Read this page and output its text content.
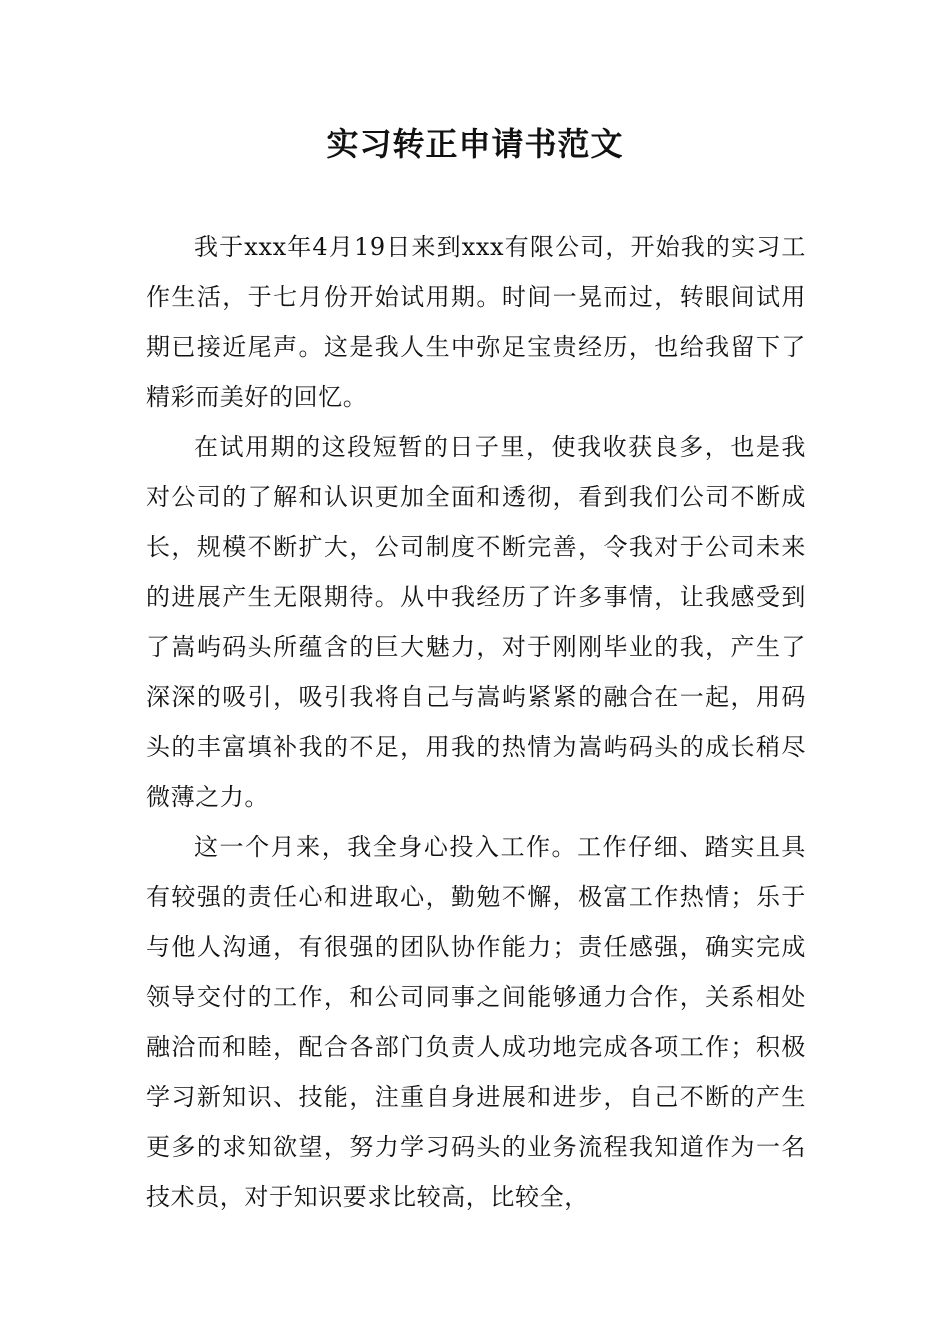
实习转正申请书范文

我于xxx年4月19日来到xxx有限公司，开始我的实习工作生活，于七月份开始试用期。时间一晃而过，转眼间试用期已接近尾声。这是我人生中弥足宝贵经历，也给我留下了精彩而美好的回忆。

在试用期的这段短暂的日子里，使我收获良多，也是我对公司的了解和认识更加全面和透彻，看到我们公司不断成长，规模不断扩大，公司制度不断完善，令我对于公司未来的进展产生无限期待。从中我经历了许多事情，让我感受到了嵩屿码头所蕴含的巨大魅力，对于刚刚毕业的我，产生了深深的吸引，吸引我将自己与嵩屿紧紧的融合在一起，用码头的丰富填补我的不足，用我的热情为嵩屿码头的成长稍尽微薄之力。

这一个月来，我全身心投入工作。工作仔细、踏实且具有较强的责任心和进取心，勤勉不懈，极富工作热情；乐于与他人沟通，有很强的团队协作能力；责任感强，确实完成领导交付的工作，和公司同事之间能够通力合作，关系相处融洽而和睦，配合各部门负责人成功地完成各项工作；积极学习新知识、技能，注重自身进展和进步，自己不断的产生更多的求知欲望，努力学习码头的业务流程我知道作为一名技术员，对于知识要求比较高，比较全，
